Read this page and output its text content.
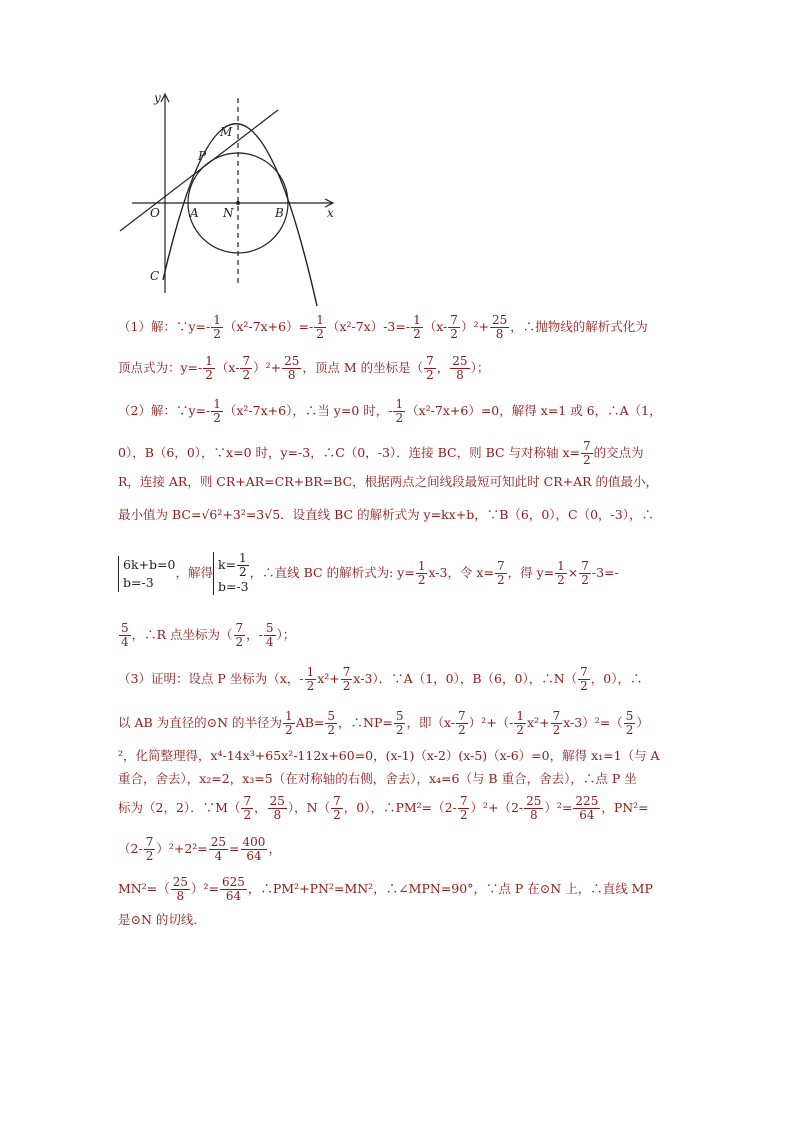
y
x
O	A N	B
M
P
C
（1）解：∵y=- $\frac{1}{2} (x^2-7x+6)=- \frac{1}{2} (x^2-7x)-3=- \frac{1}{2} (x- \frac{7}{2} )^2+ \frac{25}{8}$ ，∴抛物线的解析式化为
顶点式为：$y=- \frac{1}{2} (x- \frac{7}{2} )^2+ \frac{25}{8}$ ，顶点 M 的坐标是（ $\frac{7}{2}$ ， $\frac{25}{8}$ ）；
（2）解：∵y=- $\frac{1}{2} (x^2-7x+6)$，∴当 y=0 时，- $\frac{1}{2} (x^2-7x+6)=0$，解得 x=1 或 6，∴A（1，
0），B（6，0），∵x=0 时，y=-3，∴C（0，-3）．连接 BC，则 BC 与对称轴 $x= \frac{7}{2}$ 的交点为
R，连接 AR，则 CR+AR=CR+BR=BC，根据两点之间线段最短可知此时 CR+AR 的值最小，
最小值为 BC=√6²+3²=3√5．设直线 BC 的解析式为 y=kx+b，∵B（6，0），C（0，-3），∴
6k+b=0
b=-3，解得$k= \frac{1}{2}$

b=-3，∴直线 BC 的解析式为: $y= \frac{1}{2} x-3$，令 $x= \frac{7}{2}$ ，得 $y= \frac{1}{2} \times \frac{7}{2} -3=-$
$\frac{5}{4}$ ，∴R 点坐标为（ $\frac{7}{2}$ ，- $\frac{5}{4}$ ）；
（3）证明：设点 P 坐标为（x，- $\frac{1}{2} x^2+ \frac{7}{2} x-3$）．∵A（1，0），B（6，0），∴N（ $\frac{7}{2}$ ，0），∴
以 AB 为直径的⊙N 的半径为 $\frac{1}{2} AB= \frac{5}{2}$ ，∴NP= $\frac{5}{2}$ ，即$(x- \frac{7}{2} )^2+(- \frac{1}{2} x^2+ \frac{7}{2} x-3)^2=( \frac{5}{2}$ ）
²，化简整理得，x⁴-14x³+65x²-112x+60=0，(x-1)（x-2）(x-5)（x-6）=0，解得 x₁=1（与 A
重合，舍去），x₂=2，x₃=5（在对称轴的右侧，舍去），x₄=6（与 B 重合，舍去），∴点 P 坐
标为（2，2）．∵M（ $\frac{7}{2}$ ， $\frac{25}{8}$ ），$N( \frac{7}{2}$ ，0），∴PM²=（2- $\frac{7}{2} )^2+(2- \frac{25}{8} )^2= \frac{225}{64}$ ，PN²=
$(2- \frac{7}{2} )^2+2^2= \frac{25}{4} = \frac{400}{64}$ ，
$MN^2=( \frac{25}{8} )^2= \frac{625}{64}$ ，∴PM²+PN²=MN²，∴∠MPN=90°，∵点 P 在⊙N 上，∴直线 MP
是⊙N 的切线．
